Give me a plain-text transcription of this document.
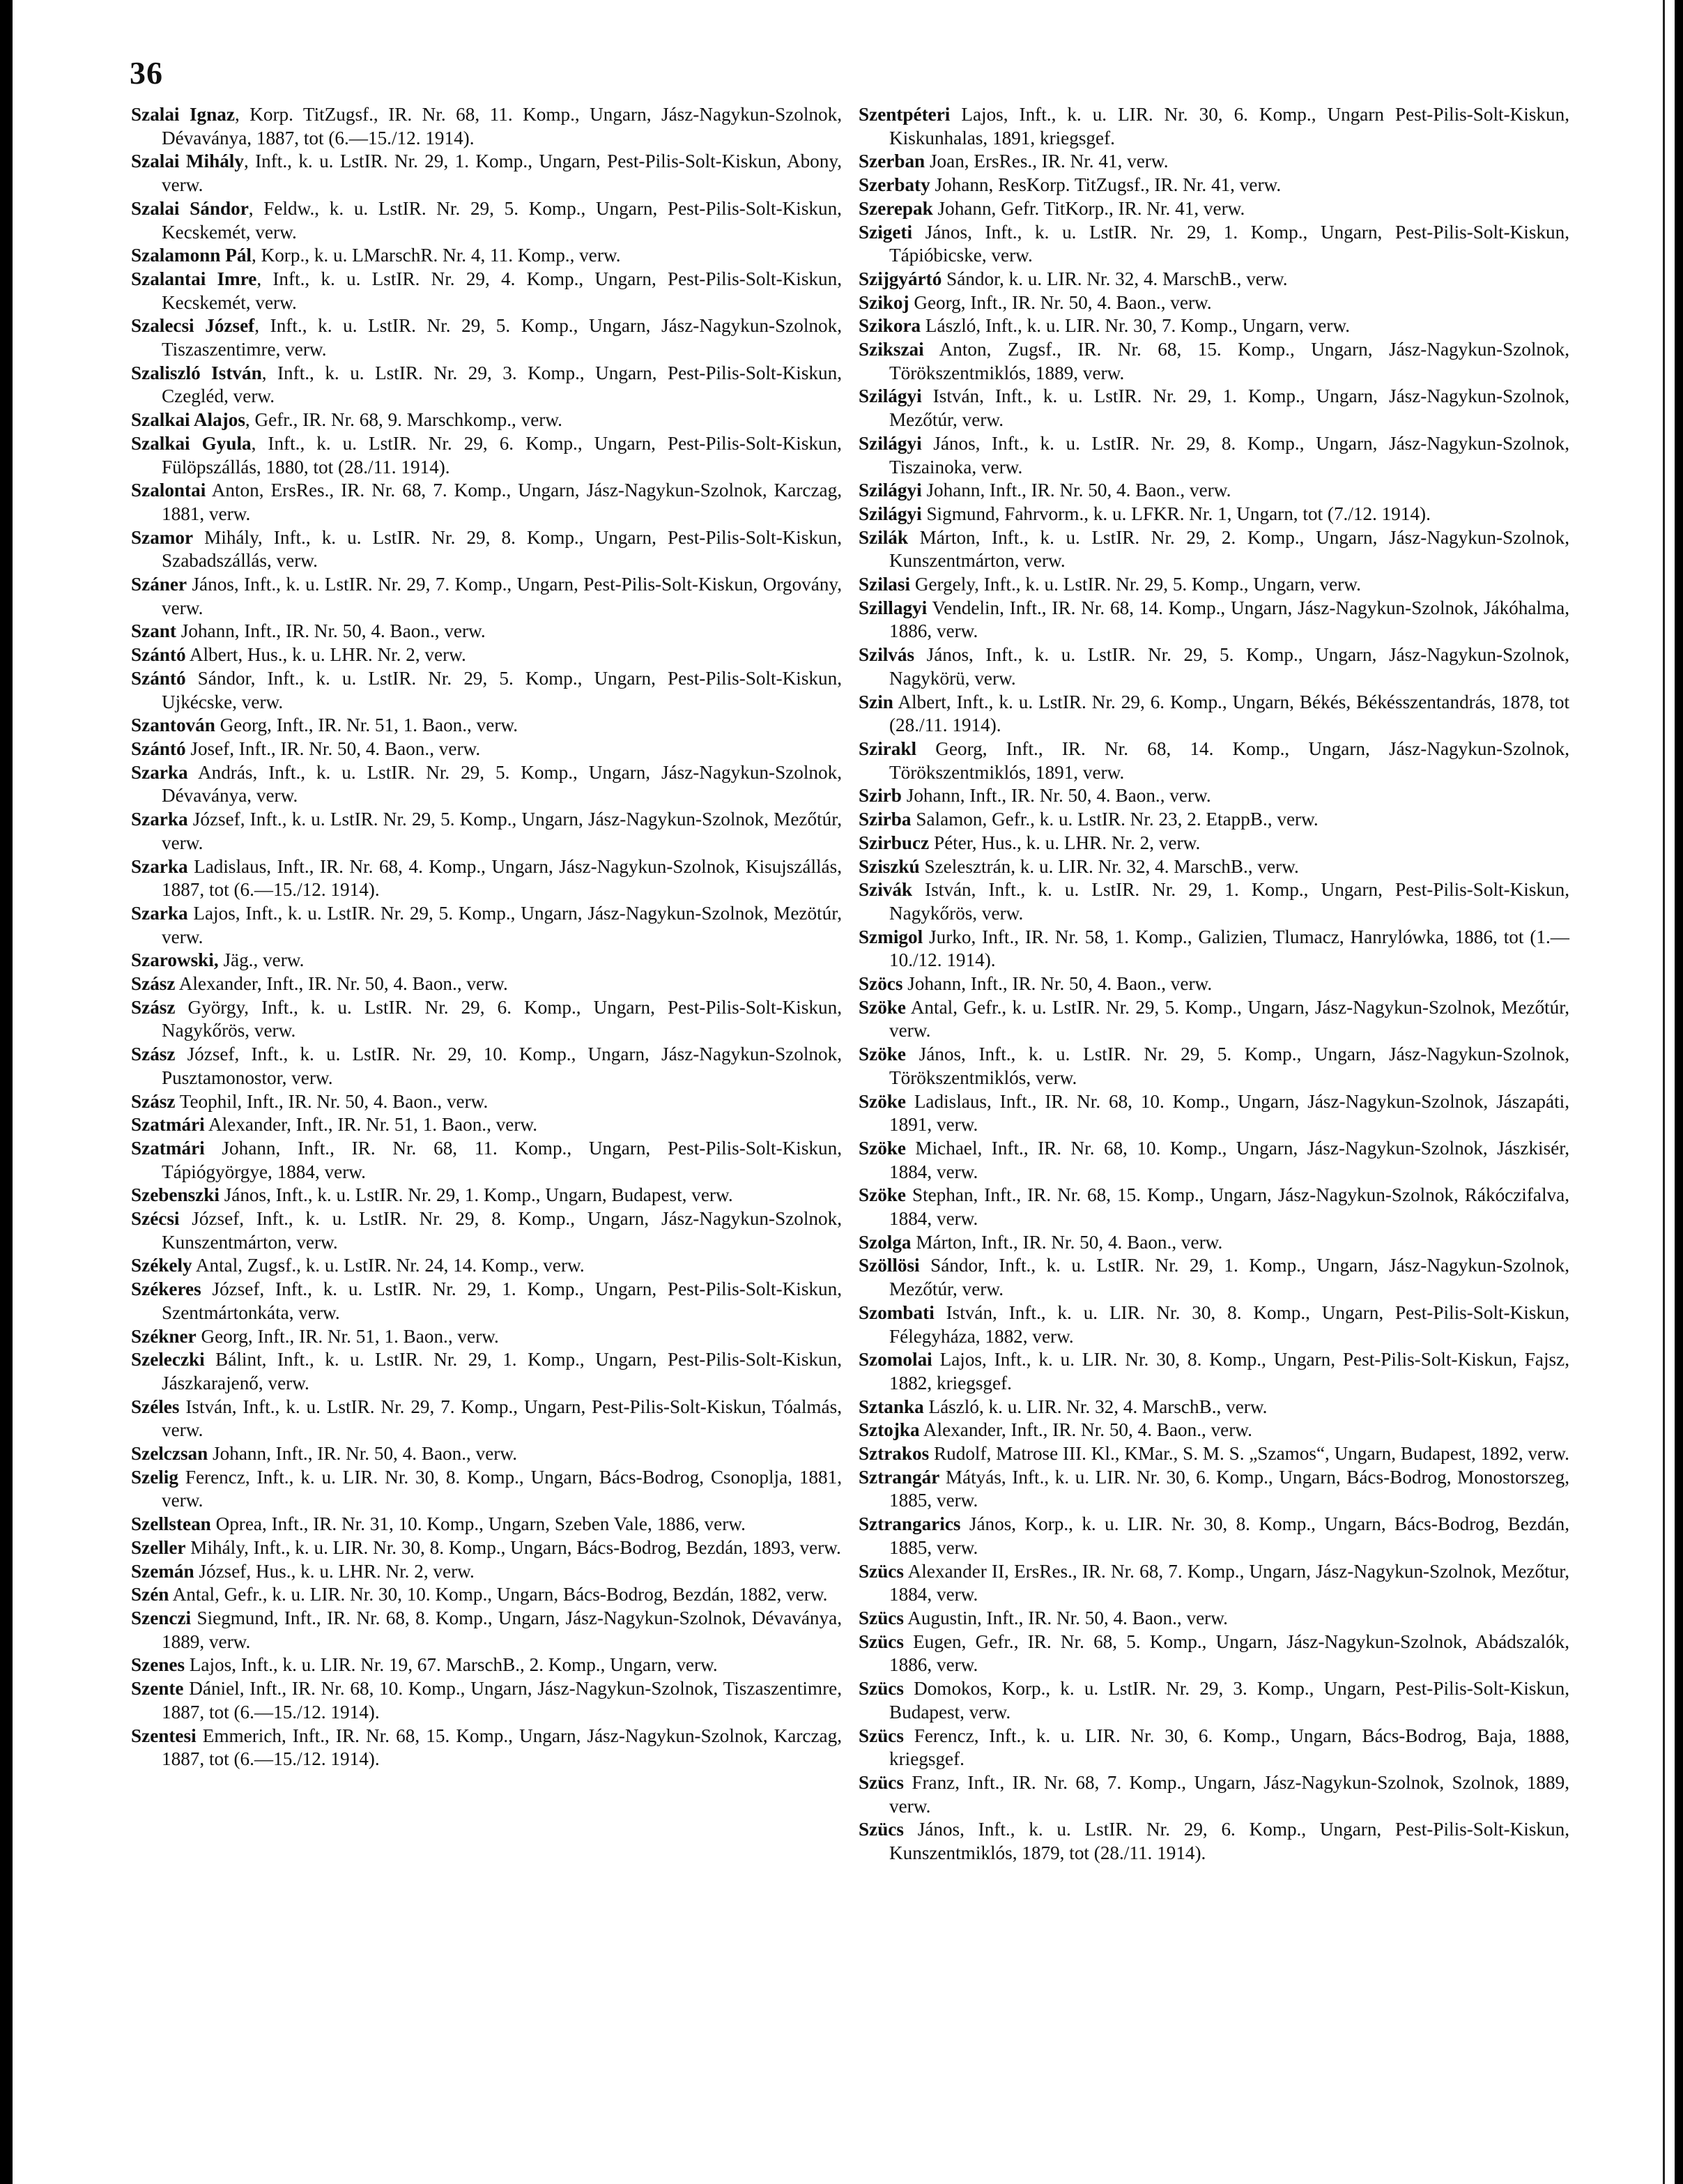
36

Szalai Ignaz, Korp. TitZugsf., IR. Nr. 68, 11. Komp., Ungarn, Jász-Nagykun-Szolnok, Dévaványa, 1887, tot (6.—15./12. 1914).

Szalai Mihály, Inft., k. u. LstIR. Nr. 29, 1. Komp., Ungarn, Pest-Pilis-Solt-Kiskun, Abony, verw.

Szalai Sándor, Feldw., k. u. LstIR. Nr. 29, 5. Komp., Ungarn, Pest-Pilis-Solt-Kiskun, Kecskemét, verw.

Szalamonn Pál, Korp., k. u. LMarschR. Nr. 4, 11. Komp., verw.

Szalantai Imre, Inft., k. u. LstIR. Nr. 29, 4. Komp., Ungarn, Pest-Pilis-Solt-Kiskun, Kecskemét, verw.

Szalecsi József, Inft., k. u. LstIR. Nr. 29, 5. Komp., Ungarn, Jász-Nagykun-Szolnok, Tiszaszentimre, verw.

Szaliszló István, Inft., k. u. LstIR. Nr. 29, 3. Komp., Ungarn, Pest-Pilis-Solt-Kiskun, Czegléd, verw.

Szalkai Alajos, Gefr., IR. Nr. 68, 9. Marschkomp., verw.

Szalkai Gyula, Inft., k. u. LstIR. Nr. 29, 6. Komp., Ungarn, Pest-Pilis-Solt-Kiskun, Fülöpszállás, 1880, tot (28./11. 1914).

Szalontai Anton, ErsRes., IR. Nr. 68, 7. Komp., Ungarn, Jász-Nagykun-Szolnok, Karczag, 1881, verw.

Szamor Mihály, Inft., k. u. LstIR. Nr. 29, 8. Komp., Ungarn, Pest-Pilis-Solt-Kiskun, Szabadszállás, verw.

Száner János, Inft., k. u. LstIR. Nr. 29, 7. Komp., Ungarn, Pest-Pilis-Solt-Kiskun, Orgovány, verw.

Szant Johann, Inft., IR. Nr. 50, 4. Baon., verw.

Szántó Albert, Hus., k. u. LHR. Nr. 2, verw.

Szántó Sándor, Inft., k. u. LstIR. Nr. 29, 5. Komp., Ungarn, Pest-Pilis-Solt-Kiskun, Ujkécske, verw.

Szantován Georg, Inft., IR. Nr. 51, 1. Baon., verw.

Szántó Josef, Inft., IR. Nr. 50, 4. Baon., verw.

Szarka András, Inft., k. u. LstIR. Nr. 29, 5. Komp., Ungarn, Jász-Nagykun-Szolnok, Dévaványa, verw.

Szarka József, Inft., k. u. LstIR. Nr. 29, 5. Komp., Ungarn, Jász-Nagykun-Szolnok, Mezőtúr, verw.

Szarka Ladislaus, Inft., IR. Nr. 68, 4. Komp., Ungarn, Jász-Nagykun-Szolnok, Kisujszállás, 1887, tot (6.—15./12. 1914).

Szarka Lajos, Inft., k. u. LstIR. Nr. 29, 5. Komp., Ungarn, Jász-Nagykun-Szolnok, Mezötúr, verw.

Szarowski, Jäg., verw.

Szász Alexander, Inft., IR. Nr. 50, 4. Baon., verw.

Szász György, Inft., k. u. LstIR. Nr. 29, 6. Komp., Ungarn, Pest-Pilis-Solt-Kiskun, Nagykőrös, verw.

Szász József, Inft., k. u. LstIR. Nr. 29, 10. Komp., Ungarn, Jász-Nagykun-Szolnok, Pusztamonostor, verw.

Szász Teophil, Inft., IR. Nr. 50, 4. Baon., verw.

Szatmári Alexander, Inft., IR. Nr. 51, 1. Baon., verw.

Szatmári Johann, Inft., IR. Nr. 68, 11. Komp., Ungarn, Pest-Pilis-Solt-Kiskun, Tápiógyörgye, 1884, verw.

Szebenszki János, Inft., k. u. LstIR. Nr. 29, 1. Komp., Ungarn, Budapest, verw.

Szécsi József, Inft., k. u. LstIR. Nr. 29, 8. Komp., Ungarn, Jász-Nagykun-Szolnok, Kunszentmárton, verw.

Székely Antal, Zugsf., k. u. LstIR. Nr. 24, 14. Komp., verw.

Székeres József, Inft., k. u. LstIR. Nr. 29, 1. Komp., Ungarn, Pest-Pilis-Solt-Kiskun, Szentmártonkáta, verw.

Székner Georg, Inft., IR. Nr. 51, 1. Baon., verw.

Szeleczki Bálint, Inft., k. u. LstIR. Nr. 29, 1. Komp., Ungarn, Pest-Pilis-Solt-Kiskun, Jászkarajenő, verw.

Széles István, Inft., k. u. LstIR. Nr. 29, 7. Komp., Ungarn, Pest-Pilis-Solt-Kiskun, Tóalmás, verw.

Szelczsan Johann, Inft., IR. Nr. 50, 4. Baon., verw.

Szelig Ferencz, Inft., k. u. LIR. Nr. 30, 8. Komp., Ungarn, Bács-Bodrog, Csonoplja, 1881, verw.

Szellstean Oprea, Inft., IR. Nr. 31, 10. Komp., Ungarn, Szeben Vale, 1886, verw.

Szeller Mihály, Inft., k. u. LIR. Nr. 30, 8. Komp., Ungarn, Bács-Bodrog, Bezdán, 1893, verw.

Szemán József, Hus., k. u. LHR. Nr. 2, verw.

Szén Antal, Gefr., k. u. LIR. Nr. 30, 10. Komp., Ungarn, Bács-Bodrog, Bezdán, 1882, verw.

Szenczi Siegmund, Inft., IR. Nr. 68, 8. Komp., Ungarn, Jász-Nagykun-Szolnok, Dévaványa, 1889, verw.

Szenes Lajos, Inft., k. u. LIR. Nr. 19, 67. MarschB., 2. Komp., Ungarn, verw.

Szente Dániel, Inft., IR. Nr. 68, 10. Komp., Ungarn, Jász-Nagykun-Szolnok, Tiszaszentimre, 1887, tot (6.—15./12. 1914).

Szentesi Emmerich, Inft., IR. Nr. 68, 15. Komp., Ungarn, Jász-Nagykun-Szolnok, Karczag, 1887, tot (6.—15./12. 1914).

Szentpéteri Lajos, Inft., k. u. LIR. Nr. 30, 6. Komp., Ungarn Pest-Pilis-Solt-Kiskun, Kiskunhalas, 1891, kriegsgef.

Szerban Joan, ErsRes., IR. Nr. 41, verw.

Szerbaty Johann, ResKorp. TitZugsf., IR. Nr. 41, verw.

Szerepak Johann, Gefr. TitKorp., IR. Nr. 41, verw.

Szigeti János, Inft., k. u. LstIR. Nr. 29, 1. Komp., Ungarn, Pest-Pilis-Solt-Kiskun, Tápióbicske, verw.

Szijgyártó Sándor, k. u. LIR. Nr. 32, 4. MarschB., verw.

Szikoj Georg, Inft., IR. Nr. 50, 4. Baon., verw.

Szikora László, Inft., k. u. LIR. Nr. 30, 7. Komp., Ungarn, verw.

Szikszai Anton, Zugsf., IR. Nr. 68, 15. Komp., Ungarn, Jász-Nagykun-Szolnok, Törökszentmiklós, 1889, verw.

Szilágyi István, Inft., k. u. LstIR. Nr. 29, 1. Komp., Ungarn, Jász-Nagykun-Szolnok, Mezőtúr, verw.

Szilágyi János, Inft., k. u. LstIR. Nr. 29, 8. Komp., Ungarn, Jász-Nagykun-Szolnok, Tiszainoka, verw.

Szilágyi Johann, Inft., IR. Nr. 50, 4. Baon., verw.

Szilágyi Sigmund, Fahrvorm., k. u. LFKR. Nr. 1, Ungarn, tot (7./12. 1914).

Szilák Márton, Inft., k. u. LstIR. Nr. 29, 2. Komp., Ungarn, Jász-Nagykun-Szolnok, Kunszentmárton, verw.

Szilasi Gergely, Inft., k. u. LstIR. Nr. 29, 5. Komp., Ungarn, verw.

Szillagyi Vendelin, Inft., IR. Nr. 68, 14. Komp., Ungarn, Jász-Nagykun-Szolnok, Jákóhalma, 1886, verw.

Szilvás János, Inft., k. u. LstIR. Nr. 29, 5. Komp., Ungarn, Jász-Nagykun-Szolnok, Nagykörü, verw.

Szin Albert, Inft., k. u. LstIR. Nr. 29, 6. Komp., Ungarn, Békés, Békésszentandrás, 1878, tot (28./11. 1914).

Szirakl Georg, Inft., IR. Nr. 68, 14. Komp., Ungarn, Jász-Nagykun-Szolnok, Törökszentmiklós, 1891, verw.

Szirb Johann, Inft., IR. Nr. 50, 4. Baon., verw.

Szirba Salamon, Gefr., k. u. LstIR. Nr. 23, 2. EtappB., verw.

Szirbucz Péter, Hus., k. u. LHR. Nr. 2, verw.

Sziszkú Szelesztrán, k. u. LIR. Nr. 32, 4. MarschB., verw.

Szivák István, Inft., k. u. LstIR. Nr. 29, 1. Komp., Ungarn, Pest-Pilis-Solt-Kiskun, Nagykőrös, verw.

Szmigol Jurko, Inft., IR. Nr. 58, 1. Komp., Galizien, Tlumacz, Hanrylówka, 1886, tot (1.—10./12. 1914).

Szöcs Johann, Inft., IR. Nr. 50, 4. Baon., verw.

Szöke Antal, Gefr., k. u. LstIR. Nr. 29, 5. Komp., Ungarn, Jász-Nagykun-Szolnok, Mezőtúr, verw.

Szöke János, Inft., k. u. LstIR. Nr. 29, 5. Komp., Ungarn, Jász-Nagykun-Szolnok, Törökszentmiklós, verw.

Szöke Ladislaus, Inft., IR. Nr. 68, 10. Komp., Ungarn, Jász-Nagykun-Szolnok, Jászapáti, 1891, verw.

Szöke Michael, Inft., IR. Nr. 68, 10. Komp., Ungarn, Jász-Nagykun-Szolnok, Jászkisér, 1884, verw.

Szöke Stephan, Inft., IR. Nr. 68, 15. Komp., Ungarn, Jász-Nagykun-Szolnok, Rákóczifalva, 1884, verw.

Szolga Márton, Inft., IR. Nr. 50, 4. Baon., verw.

Szöllösi Sándor, Inft., k. u. LstIR. Nr. 29, 1. Komp., Ungarn, Jász-Nagykun-Szolnok, Mezőtúr, verw.

Szombati István, Inft., k. u. LIR. Nr. 30, 8. Komp., Ungarn, Pest-Pilis-Solt-Kiskun, Félegyháza, 1882, verw.

Szomolai Lajos, Inft., k. u. LIR. Nr. 30, 8. Komp., Ungarn, Pest-Pilis-Solt-Kiskun, Fajsz, 1882, kriegsgef.

Sztanka László, k. u. LIR. Nr. 32, 4. MarschB., verw.

Sztojka Alexander, Inft., IR. Nr. 50, 4. Baon., verw.

Sztrakos Rudolf, Matrose III. Kl., KMar., S. M. S. „Szamos“, Ungarn, Budapest, 1892, verw.

Sztrangár Mátyás, Inft., k. u. LIR. Nr. 30, 6. Komp., Ungarn, Bács-Bodrog, Monostorszeg, 1885, verw.

Sztrangarics János, Korp., k. u. LIR. Nr. 30, 8. Komp., Ungarn, Bács-Bodrog, Bezdán, 1885, verw.

Szücs Alexander II, ErsRes., IR. Nr. 68, 7. Komp., Ungarn, Jász-Nagykun-Szolnok, Mezőtur, 1884, verw.

Szücs Augustin, Inft., IR. Nr. 50, 4. Baon., verw.

Szücs Eugen, Gefr., IR. Nr. 68, 5. Komp., Ungarn, Jász-Nagykun-Szolnok, Abádszalók, 1886, verw.

Szücs Domokos, Korp., k. u. LstIR. Nr. 29, 3. Komp., Ungarn, Pest-Pilis-Solt-Kiskun, Budapest, verw.

Szücs Ferencz, Inft., k. u. LIR. Nr. 30, 6. Komp., Ungarn, Bács-Bodrog, Baja, 1888, kriegsgef.

Szücs Franz, Inft., IR. Nr. 68, 7. Komp., Ungarn, Jász-Nagykun-Szolnok, Szolnok, 1889, verw.

Szücs János, Inft., k. u. LstIR. Nr. 29, 6. Komp., Ungarn, Pest-Pilis-Solt-Kiskun, Kunszentmiklós, 1879, tot (28./11. 1914).
